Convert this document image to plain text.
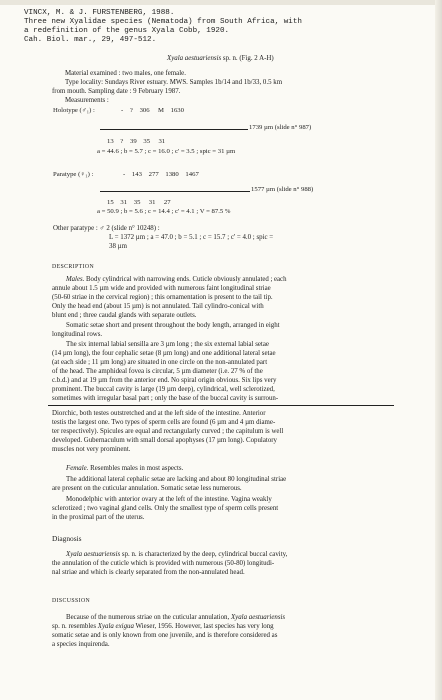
VINCX, M. & J. FURSTENBERG, 1988.
Three new Xyalidae species (Nematoda) from South Africa, with
a redefinition of the genus Xyala Cobb, 1920.
Cah. Biol. mar., 29, 497-512.
Xyala aestuariensis sp. n. (Fig. 2 A-H)
Material examined : two males, one female.
Type locality: Sundays River estuary. MWS. Samples 1b/14 and 1b/33, 0.5 km
from mouth. Sampling date : 9 February 1987.
Measurements :
Holotype (♂₁) :	-    ?    306     M    1630
1739 µm (slide n° 987)
13    ?    39    35     31
a = 44.6 ; b = 5.7 ; c = 16.0 ; c' = 3.5 ; spic = 31 µm
Paratype (♀₁) :	-    143    277    1380    1467
1577 µm (slide n° 988)
15    31    35     31     27
a = 50.9 ; b = 5.6 ; c = 14.4 ; c' = 4.1 ; V = 87.5 %
Other paratype : ♂ 2 (slide n° 10248) :
L = 1372 µm ; a = 47.0 ; b = 5.1 ; c = 15.7 ; c' = 4.0 ; spic =
38 µm
DESCRIPTION
Males. Body cylindrical with narrowing ends. Cuticle obviously annulated ; each
annule about 1.5 µm wide and provided with numerous faint longitudinal striae
(50-60 striae in the cervical region) ; this ornamentation is present to the tail tip.
Only the head end (about 15 µm) is not annulated. Tail cylindro-conical with
blunt end ; three caudal glands with separate outlets.
Somatic setae short and present throughout the body length, arranged in eight
longitudinal rows.
The six internal labial sensilla are 3 µm long ; the six external labial setae
(14 µm long), the four cephalic setae (8 µm long) and one additional lateral setae
(at each side ; 11 µm long) are situated in one circle on the non-annulated part
of the head. The amphideal fovea is circular, 5 µm diameter (i.e. 27 % of the
c.b.d.) and at 19 µm from the anterior end. No spiral origin obvious. Six lips very
prominent. The buccal cavity is large (19 µm deep), cylindrical, well sclerotized,
sometimes with irregular basal part ; only the base of the buccal cavity is surroun-
Diorchic, both testes outstretched and at the left side of the intestine. Anterior
testis the largest one. Two types of sperm cells are found (6 µm and 4 µm diame-
ter respectively). Spicules are equal and rectangularly curved ; the capitulum is well
developed. Gubernaculum with small dorsal apophyses (17 µm long). Copulatory
muscles not very prominent.
Female. Resembles males in most aspects.
The additional lateral cephalic setae are lacking and about 80 longitudinal striae
are present on the cuticular annulation. Somatic setae less numerous.
Monodelphic with anterior ovary at the left of the intestine. Vagina weakly
sclerotized ; two vaginal gland cells. Only the smallest type of sperm cells present
in the proximal part of the uterus.
Diagnosis
Xyala aestuariensis sp. n. is characterized by the deep, cylindrical buccal cavity,
the annulation of the cuticle which is provided with numerous (50-80) longitudi-
nal striae and which is clearly separated from the non-annulated head.
DISCUSSION
Because of the numerous striae on the cuticular annulation, Xyala aestuariensis
sp. n. resembles Xyala exigua Wieser, 1956. However, last species has very long
somatic setae and is only known from one juvenile, and is therefore considered as
a species inquirenda.
